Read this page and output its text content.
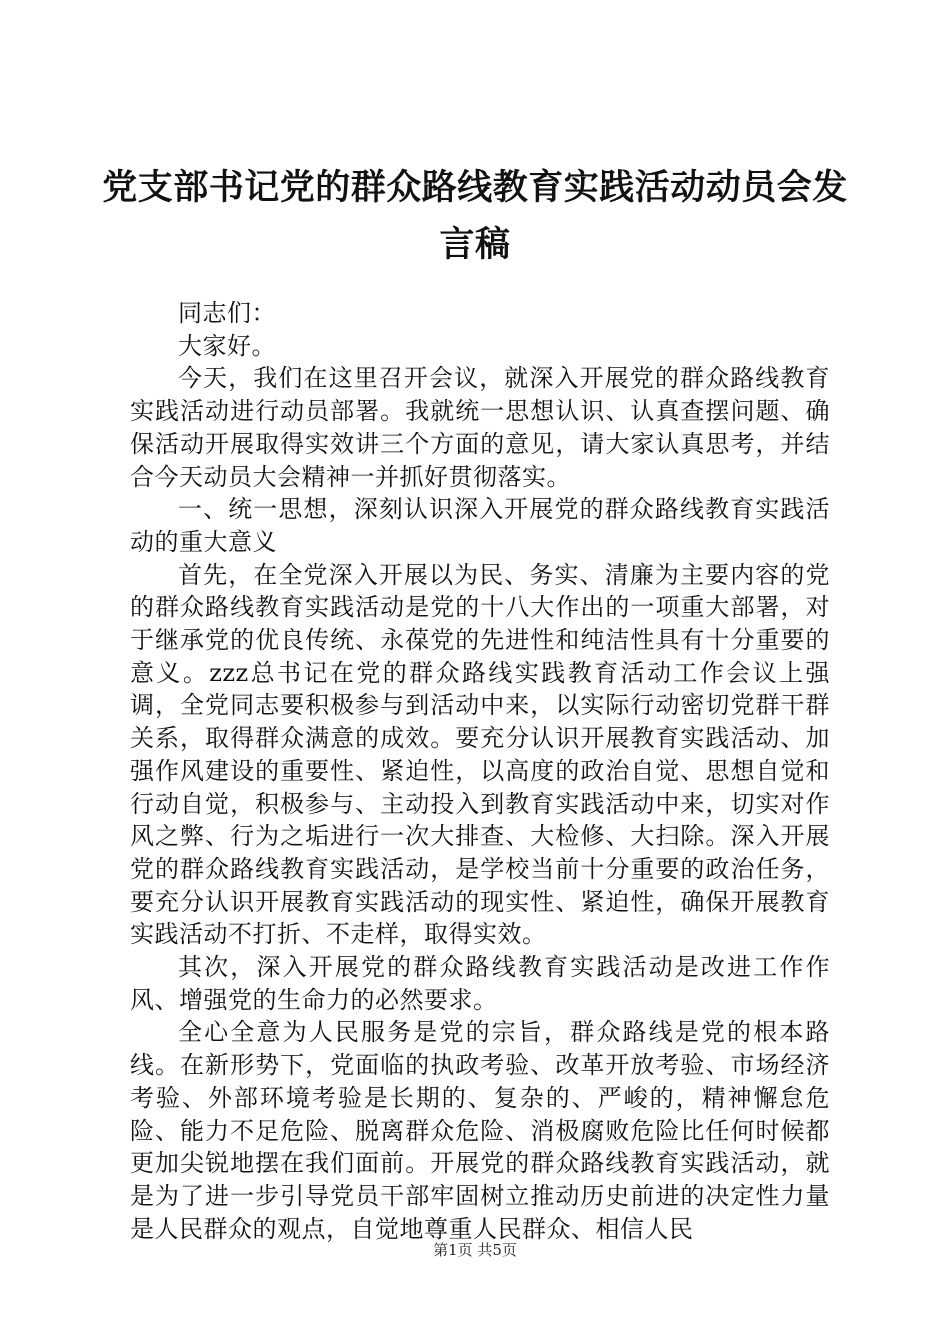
党支部书记党的群众路线教育实践活动动员会发言稿

同志们：

大家好。

今天，我们在这里召开会议，就深入开展党的群众路线教育实践活动进行动员部署。我就统一思想认识、认真查摆问题、确保活动开展取得实效讲三个方面的意见，请大家认真思考，并结合今天动员大会精神一并抓好贯彻落实。

一、统一思想，深刻认识深入开展党的群众路线教育实践活动的重大意义

首先，在全党深入开展以为民、务实、清廉为主要内容的党的群众路线教育实践活动是党的十八大作出的一项重大部署，对于继承党的优良传统、永葆党的先进性和纯洁性具有十分重要的意义。zzz总书记在党的群众路线实践教育活动工作会议上强调，全党同志要积极参与到活动中来，以实际行动密切党群干群关系，取得群众满意的成效。要充分认识开展教育实践活动、加强作风建设的重要性、紧迫性，以高度的政治自觉、思想自觉和行动自觉，积极参与、主动投入到教育实践活动中来，切实对作风之弊、行为之垢进行一次大排查、大检修、大扫除。深入开展党的群众路线教育实践活动，是学校当前十分重要的政治任务，要充分认识开展教育实践活动的现实性、紧迫性，确保开展教育实践活动不打折、不走样，取得实效。

其次，深入开展党的群众路线教育实践活动是改进工作作风、增强党的生命力的必然要求。

全心全意为人民服务是党的宗旨，群众路线是党的根本路线。在新形势下，党面临的执政考验、改革开放考验、市场经济考验、外部环境考验是长期的、复杂的、严峻的，精神懈怠危险、能力不足危险、脱离群众危险、消极腐败危险比任何时候都更加尖锐地摆在我们面前。开展党的群众路线教育实践活动，就是为了进一步引导党员干部牢固树立推动历史前进的决定性力量是人民群众的观点，自觉地尊重人民群众、相信人民

第1页 共5页
